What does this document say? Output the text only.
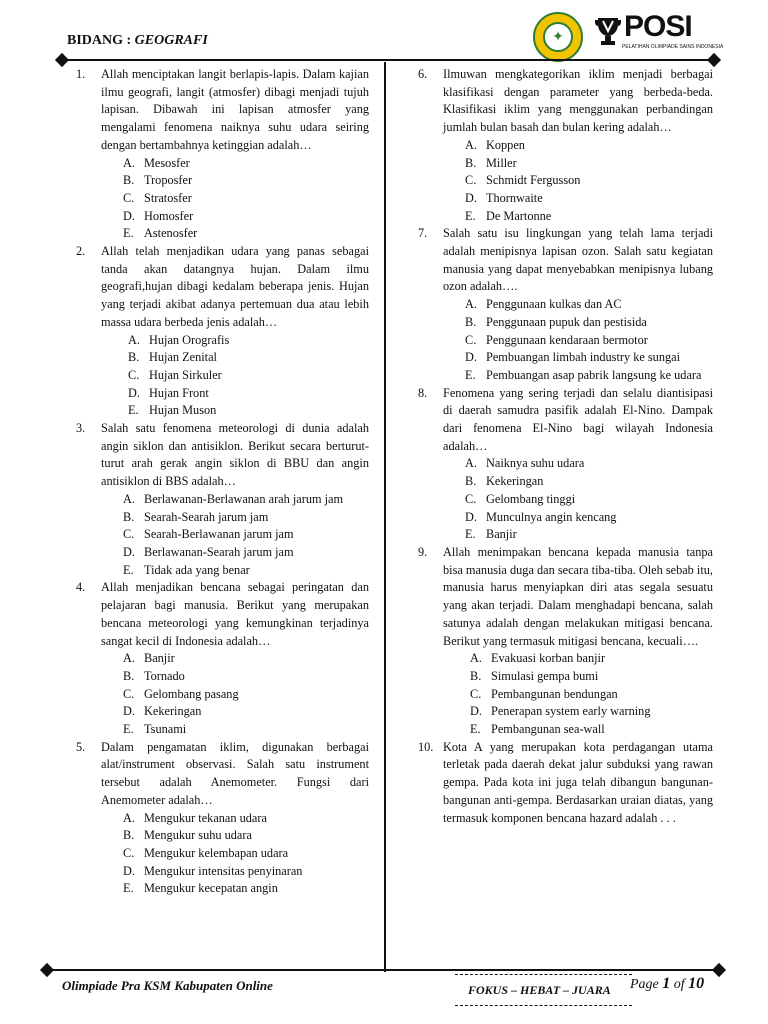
BIDANG : GEOGRAFI	✦	POSI
PELATIHAN OLIMPIADE SAINS INDONESIA
1.	Allah menciptakan langit berlapis-lapis. Dalam kajian ilmu geografi, langit (atmosfer) dibagi menjadi tujuh lapisan. Dibawah ini lapisan atmosfer yang mengalami fenomena naiknya suhu udara seiring dengan bertambahnya ketinggian adalah…
A. Mesosfer
B. Troposfer
C. Stratosfer
D. Homosfer
E. Astenosfer
2.	Allah telah menjadikan udara yang panas sebagai tanda akan datangnya hujan. Dalam ilmu geografi,hujan dibagi kedalam beberapa jenis. Hujan yang terjadi akibat adanya pertemuan dua atau lebih massa udara berbeda jenis adalah…
A. Hujan Orografis
B. Hujan Zenital
C. Hujan Sirkuler
D. Hujan Front
E. Hujan Muson
3.	Salah satu fenomena meteorologi di dunia adalah angin siklon dan antisiklon. Berikut secara berturut-turut arah gerak angin siklon di BBU dan angin antisiklon di BBS adalah…
A. Berlawanan-Berlawanan arah jarum jam
B. Searah-Searah jarum jam
C. Searah-Berlawanan jarum jam
D. Berlawanan-Searah jarum jam
E. Tidak ada yang benar
4.	Allah menjadikan bencana sebagai peringatan dan pelajaran bagi manusia. Berikut yang merupakan bencana meteorologi yang kemungkinan terjadinya sangat kecil di Indonesia adalah…
A. Banjir
B. Tornado
C. Gelombang pasang
D. Kekeringan
E. Tsunami
5.	Dalam pengamatan iklim, digunakan berbagai alat/instrument observasi. Salah satu instrument tersebut adalah Anemometer. Fungsi dari Anemometer adalah…
A. Mengukur tekanan udara
B. Mengukur suhu udara
C. Mengukur kelembapan udara
D. Mengukur intensitas penyinaran
E. Mengukur kecepatan angin
6.	Ilmuwan mengkategorikan iklim menjadi berbagai klasifikasi dengan parameter yang berbeda-beda. Klasifikasi iklim yang menggunakan perbandingan jumlah bulan basah dan bulan kering adalah…
A. Koppen
B. Miller
C. Schmidt Fergusson
D. Thornwaite
E. De Martonne
7.	Salah satu isu lingkungan yang telah lama terjadi adalah menipisnya lapisan ozon. Salah satu kegiatan manusia yang dapat menyebabkan menipisnya lubang ozon adalah….
A. Penggunaan kulkas dan AC
B. Penggunaan pupuk dan pestisida
C. Penggunaan kendaraan bermotor
D. Pembuangan limbah industry ke sungai
E. Pembuangan asap pabrik langsung ke udara
8.	Fenomena yang sering terjadi dan selalu diantisipasi di daerah samudra pasifik adalah El-Nino. Dampak dari fenomena El-Nino bagi wilayah Indonesia adalah…
A. Naiknya suhu udara
B. Kekeringan
C. Gelombang tinggi
D. Munculnya angin kencang
E. Banjir
9.	Allah menimpakan bencana kepada manusia tanpa bisa manusia duga dan secara tiba-tiba. Oleh sebab itu, manusia harus menyiapkan diri atas segala sesuatu yang akan terjadi. Dalam menghadapi bencana, salah satunya adalah dengan melakukan mitigasi bencana. Berikut yang termasuk mitigasi bencana, kecuali….
A. Evakuasi korban banjir
B. Simulasi gempa bumi
C. Pembangunan bendungan
D. Penerapan system early warning
E. Pembangunan sea-wall
10. Kota A yang merupakan kota perdagangan utama terletak pada daerah dekat jalur subduksi yang rawan gempa. Pada kota ini juga telah dibangun bangunan-bangunan anti-gempa. Berdasarkan uraian diatas, yang termasuk komponen bencana hazard adalah . . .
Olimpiade Pra KSM Kabupaten Online	FOKUS – HEBAT – JUARA Page 1 of 10
